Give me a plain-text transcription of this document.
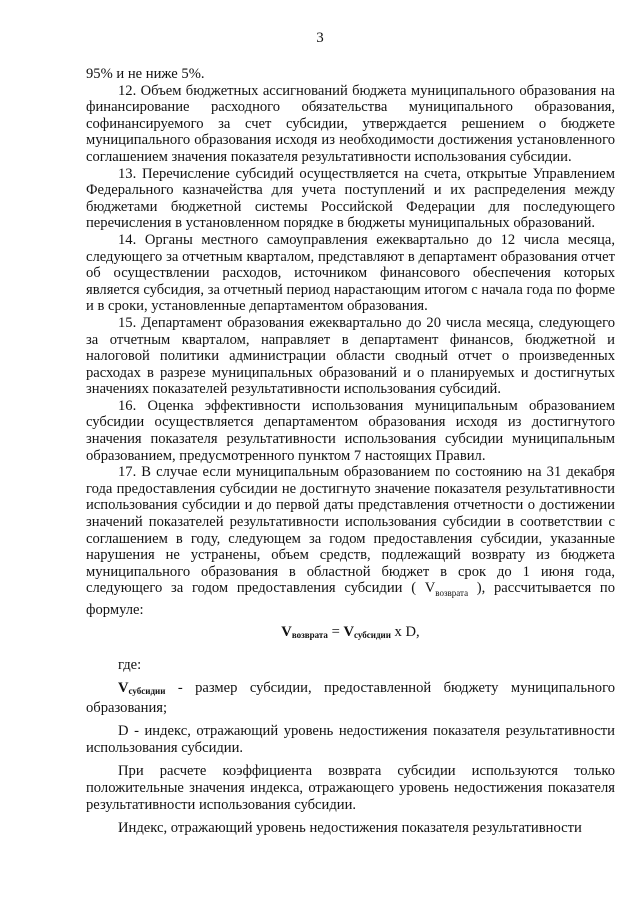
3

95% и не ниже 5%.

12. Объем бюджетных ассигнований бюджета муниципального образования на финансирование расходного обязательства муниципального образования, софинансируемого за счет субсидии, утверждается решением о бюджете муниципального образования исходя из необходимости достижения установленного соглашением значения показателя результативности использования субсидии.

13. Перечисление субсидий осуществляется на счета, открытые Управлением Федерального казначейства для учета поступлений и их распределения между бюджетами бюджетной системы Российской Федерации для последующего перечисления в установленном порядке в бюджеты муниципальных образований.

14. Органы местного самоуправления ежеквартально до 12 числа месяца, следующего за отчетным кварталом, представляют в департамент образования отчет об осуществлении расходов, источником финансового обеспечения которых является субсидия, за отчетный период нарастающим итогом с начала года по форме и в сроки, установленные департаментом образования.

15. Департамент образования ежеквартально до 20 числа месяца, следующего за отчетным кварталом, направляет в департамент финансов, бюджетной и налоговой политики администрации области сводный отчет о произведенных расходах в разрезе муниципальных образований и о планируемых и достигнутых значениях показателей результативности использования субсидий.

16. Оценка эффективности использования муниципальным образованием субсидии осуществляется департаментом образования исходя из достигнутого значения показателя результативности использования субсидии муниципальным образованием, предусмотренного пунктом 7 настоящих Правил.

17. В случае если муниципальным образованием по состоянию на 31 декабря года предоставления субсидии не достигнуто значение показателя результативности использования субсидии и до первой даты представления отчетности о достижении значений показателей результативности использования субсидии в соответствии с соглашением в году, следующем за годом предоставления субсидии, указанные нарушения не устранены, объем средств, подлежащий возврату из бюджета муниципального образования в областной бюджет в срок до 1 июня года, следующего за годом предоставления субсидии ( $V_{возврата}$ ), рассчитывается по формуле:

$V_{возврата} = V_{субсидии}$ x D,

где:

$V_{субсидии}$ - размер субсидии, предоставленной бюджету муниципального образования;

D - индекс, отражающий уровень недостижения показателя результативности использования субсидии.

При расчете коэффициента возврата субсидии используются только положительные значения индекса, отражающего уровень недостижения показателя результативности использования субсидии.

Индекс, отражающий уровень недостижения показателя результативности
